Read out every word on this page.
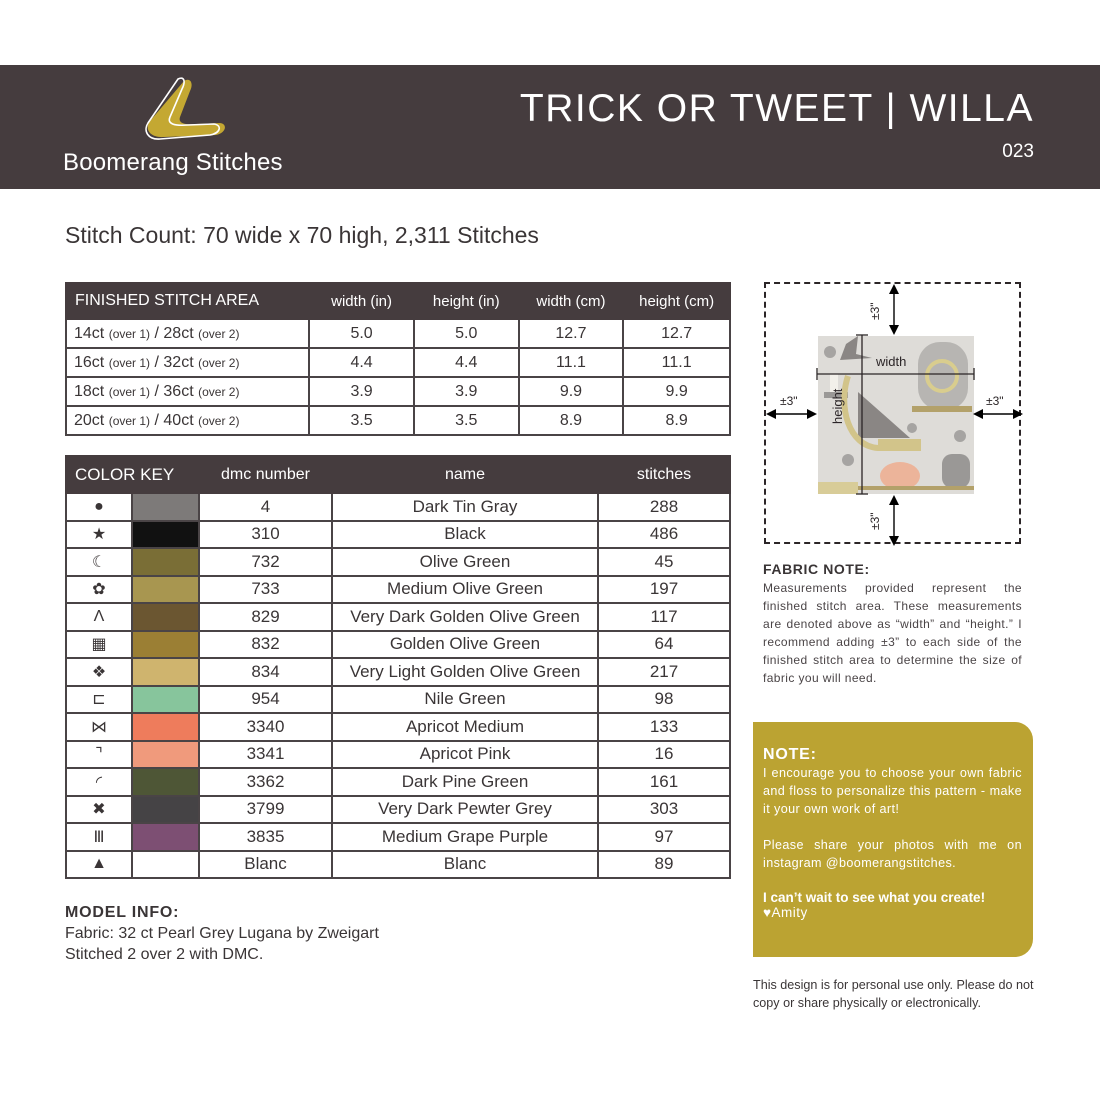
Boomerang Stitches
TRICK OR TWEET | WILLA
023
Stitch Count: 70 wide x 70 high, 2,311 Stitches
FINISHED STITCH AREA	width (in)	height (in)	width (cm)	height (cm)
14ct (over 1) / 28ct (over 2)	5.0	5.0	12.7	12.7
16ct (over 1) / 32ct (over 2)	4.4	4.4	11.1	11.1
18ct (over 1) / 36ct (over 2)	3.9	3.9	9.9	9.9
20ct (over 1) / 40ct (over 2)	3.5	3.5	8.9	8.9
COLOR KEY		dmc number	name	stitches
●		4	Dark Tin Gray	288
★		310	Black	486
☾		732	Olive Green	45
✿		733	Medium Olive Green	197
Λ		829	Very Dark Golden Olive Green	117
▦		832	Golden Olive Green	64
❖		834	Very Light Golden Olive Green	217
⊏		954	Nile Green	98
⋈		3340	Apricot Medium	133
⌝		3341	Apricot Pink	16
◜		3362	Dark Pine Green	161
✖		3799	Very Dark Pewter Grey	303
Ⅲ		3835	Medium Grape Purple	97
▲		Blanc	Blanc	89
MODEL INFO:
Fabric: 32 ct Pearl Grey Lugana by Zweigart
Stitched 2 over 2 with DMC.
width
height
±3"
±3"
±3"	±3"
FABRIC NOTE:

Measurements provided represent the finished stitch area. These measurements are denoted above as “width” and “height.” I recommend adding ±3” to each side of the finished stitch area to determine the size of fabric you will need.

NOTE:

I encourage you to choose your own fabric and floss to personalize this pattern - make it your own work of art!

Please share your photos with me on instagram @boomerangstitches.

I can’t wait to see what you create!
♥Amity
This design is for personal use only. Please do not copy or share physically or electronically.
